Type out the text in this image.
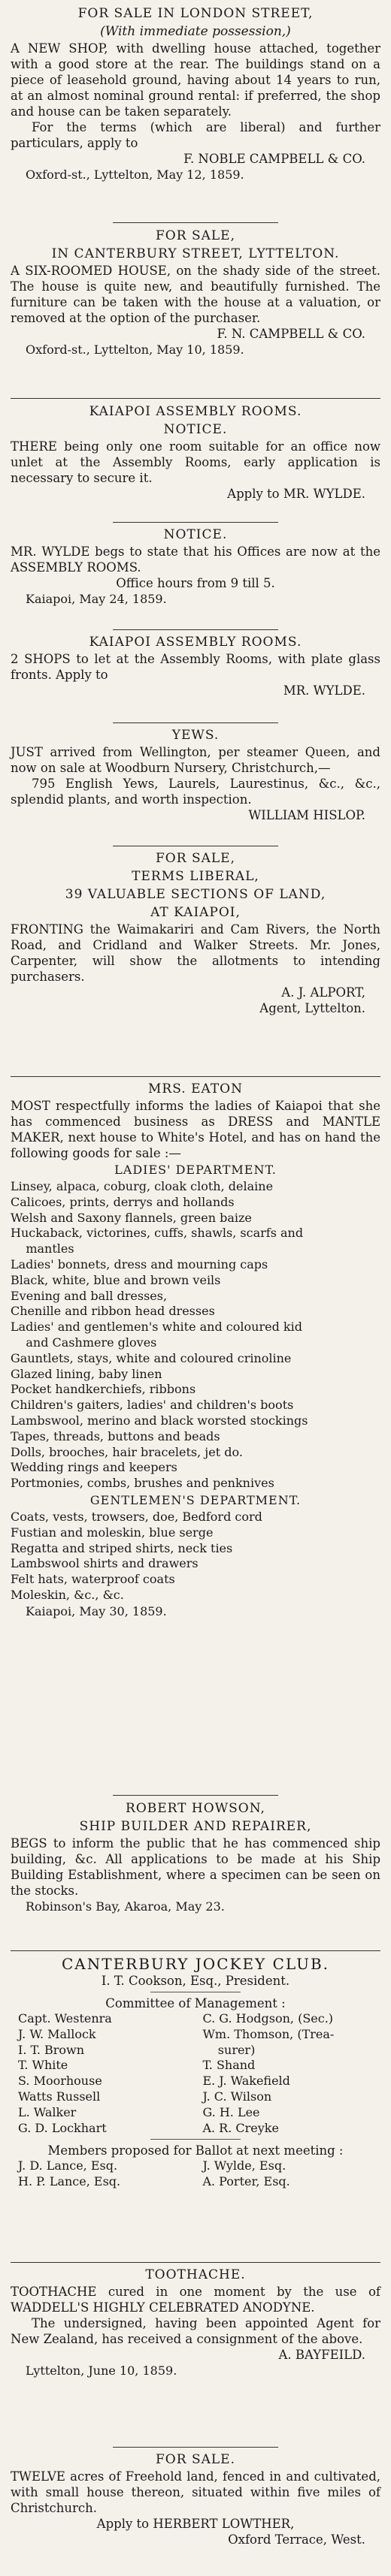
FOR SALE IN LONDON STREET,
(With immediate possession,)
A NEW SHOP, with dwelling house attached, together with a good store at the rear. The buildings stand on a piece of leasehold ground, having about 14 years to run, at an almost nominal ground rental: if preferred, the shop and house can be taken separately.
For the terms (which are liberal) and further particulars, apply to
F. NOBLE CAMPBELL & CO.
Oxford-st., Lyttelton, May 12, 1859.
FOR SALE,
IN CANTERBURY STREET, LYTTELTON.
A SIX-ROOMED HOUSE, on the shady side of the street. The house is quite new, and beautifully furnished. The furniture can be taken with the house at a valuation, or removed at the option of the purchaser.
F. N. CAMPBELL & CO.
Oxford-st., Lyttelton, May 10, 1859.
KAIAPOI ASSEMBLY ROOMS.
NOTICE.
THERE being only one room suitable for an office now unlet at the Assembly Rooms, early application is necessary to secure it.
Apply to MR. WYLDE.
NOTICE.
MR. WYLDE begs to state that his Offices are now at the ASSEMBLY ROOMS.
Office hours from 9 till 5.
Kaiapoi, May 24, 1859.
KAIAPOI ASSEMBLY ROOMS.
2 SHOPS to let at the Assembly Rooms, with plate glass fronts. Apply to
MR. WYLDE.
YEWS.
JUST arrived from Wellington, per steamer Queen, and now on sale at Woodburn Nursery, Christchurch,—
795 English Yews, Laurels, Laurestinus, &c., &c., splendid plants, and worth inspection.
WILLIAM HISLOP.
FOR SALE,
TERMS LIBERAL,
39 VALUABLE SECTIONS OF LAND,
AT KAIAPOI,
FRONTING the Waimakariri and Cam Rivers, the North Road, and Cridland and Walker Streets. Mr. Jones, Carpenter, will show the allotments to intending purchasers.
A. J. ALPORT,
Agent, Lyttelton.
MRS. EATON
MOST respectfully informs the ladies of Kaiapoi that she has commenced business as DRESS and MANTLE MAKER, next house to White's Hotel, and has on hand the following goods for sale :—
LADIES' DEPARTMENT.
Linsey, alpaca, coburg, cloak cloth, delaine
Calicoes, prints, derrys and hollands
Welsh and Saxony flannels, green baize
Huckaback, victorines, cuffs, shawls, scarfs and
mantles
Ladies' bonnets, dress and mourning caps
Black, white, blue and brown veils
Evening and ball dresses,
Chenille and ribbon head dresses
Ladies' and gentlemen's white and coloured kid
and Cashmere gloves
Gauntlets, stays, white and coloured crinoline
Glazed lining, baby linen
Pocket handkerchiefs, ribbons
Children's gaiters, ladies' and children's boots
Lambswool, merino and black worsted stockings
Tapes, threads, buttons and beads
Dolls, brooches, hair bracelets, jet do.
Wedding rings and keepers
Portmonies, combs, brushes and penknives
GENTLEMEN'S DEPARTMENT.
Coats, vests, trowsers, doe, Bedford cord
Fustian and moleskin, blue serge
Regatta and striped shirts, neck ties
Lambswool shirts and drawers
Felt hats, waterproof coats
Moleskin, &c., &c.
Kaiapoi, May 30, 1859.
ROBERT HOWSON,
SHIP BUILDER AND REPAIRER,
BEGS to inform the public that he has commenced ship building, &c. All applications to be made at his Ship Building Establishment, where a specimen can be seen on the stocks.
Robinson's Bay, Akaroa, May 23.
CANTERBURY JOCKEY CLUB.
I. T. Cookson, Esq., President.
Committee of Management :
Capt. Westenra
J. W. Mallock
I. T. Brown
T. White
S. Moorhouse
Watts Russell
L. Walker
G. D. Lockhart
C. G. Hodgson, (Sec.)
Wm. Thomson, (Trea-
surer)
T. Shand
E. J. Wakefield
J. C. Wilson
G. H. Lee
A. R. Creyke
Members proposed for Ballot at next meeting :
J. D. Lance, Esq.
H. P. Lance, Esq.
J. Wylde, Esq.
A. Porter, Esq.
TOOTHACHE.
TOOTHACHE cured in one moment by the use of WADDELL'S HIGHLY CELEBRATED ANODYNE.
The undersigned, having been appointed Agent for New Zealand, has received a consignment of the above.
A. BAYFEILD.
Lyttelton, June 10, 1859.
FOR SALE.
TWELVE acres of Freehold land, fenced in and cultivated, with small house thereon, situated within five miles of Christchurch.
Apply to HERBERT LOWTHER,
Oxford Terrace, West.
